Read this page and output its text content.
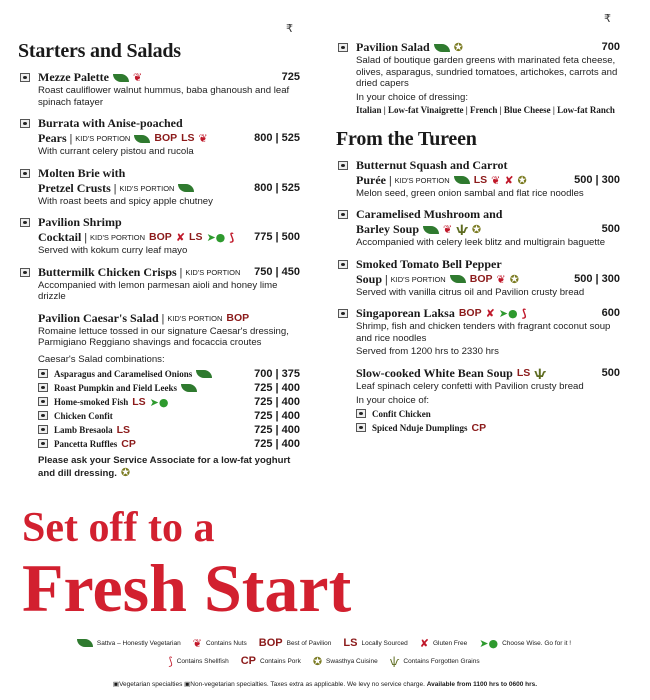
₹
₹
Starters and Salads
Mezze Palette ❦	725
Roast cauliflower walnut hummus, baba ghanoush and leaf spinach fatayer
Burrata with Anise-poached
Pears | KID'S PORTION BOP LS ❦	800 | 525
With currant celery pistou and rucola
Molten Brie with
Pretzel Crusts | KID'S PORTION	800 | 525
With roast beets and spicy apple chutney
Pavilion Shrimp
Cocktail | KID'S PORTION BOP ✘ LS ➤● ⟆	775 | 500
Served with kokum curry leaf mayo
Buttermilk Chicken Crisps | KID'S PORTION	750 | 450
Accompanied with lemon parmesan aioli and honey lime drizzle
Pavilion Caesar's Salad | KID'S PORTION BOP
Romaine lettuce tossed in our signature Caesar's dressing, Parmigiano Reggiano shavings and focaccia croutes
Caesar's Salad combinations:
Asparagus and Caramelised Onions	700 | 375
Roast Pumpkin and Field Leeks	725 | 400
Home-smoked Fish LS ➤●	725 | 400
Chicken Confit	725 | 400
Lamb Bresaola LS	725 | 400
Pancetta Ruffles CP	725 | 400
Please ask your Service Associate for a low-fat yoghurt and dill dressing. ✪
Pavilion Salad ✪	700
Salad of boutique garden greens with marinated feta cheese, olives, asparagus, sundried tomatoes, artichokes, carrots and dried capers
In your choice of dressing:
Italian | Low-fat Vinaigrette | French | Blue Cheese | Low-fat Ranch
From the Tureen
Butternut Squash and Carrot
Purée | KID'S PORTION LS ❦ ✘ ✪	500 | 300
Melon seed, green onion sambal and flat rice noodles
Caramelised Mushroom and
Barley Soup ❦ ѱ ✪	500
Accompanied with celery leek blitz and multigrain baguette
Smoked Tomato Bell Pepper
Soup | KID'S PORTION BOP ❦ ✪	500 | 300
Served with vanilla citrus oil and Pavilion crusty bread
Singaporean Laksa BOP ✘ ➤● ⟆	600
Shrimp, fish and chicken tenders with fragrant coconut soup and rice noodles
Served from 1200 hrs to 2330 hrs
Slow-cooked White Bean Soup LS ѱ	500
Leaf spinach celery confetti with Pavilion crusty bread
In your choice of:
Confit Chicken
Spiced Nduje Dumplings CP
Set off to a
Fresh Start
Sattva – Honestly Vegetarian ❦ Contains Nuts BOP Best of Pavilion LS Locally Sourced ✘ Gluten Free ➤● Choose Wise. Go for it !
⟆ Contains Shellfish CP Contains Pork ✪ Swasthya Cuisine ѱ Contains Forgotten Grains
▣Vegetarian specialties ▣Non-vegetarian specialties. Taxes extra as applicable. We levy no service charge. Available from 1100 hrs to 0600 hrs.
